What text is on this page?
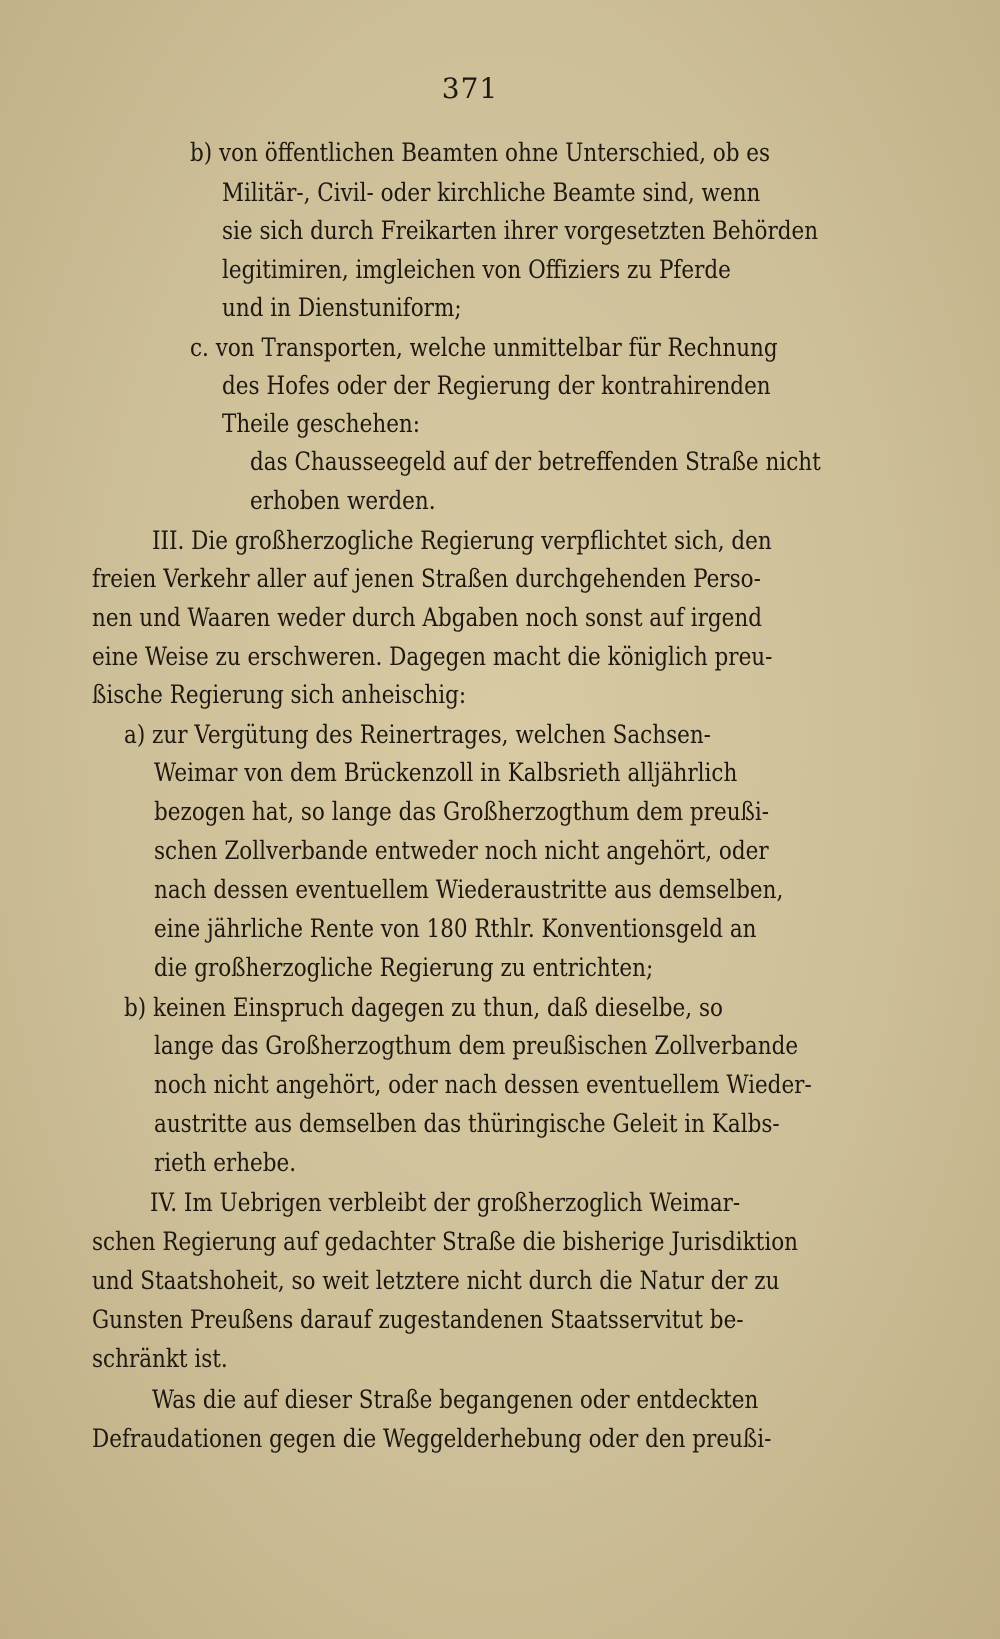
371
b) von öffentlichen Beamten ohne Unterschied, ob es
Militär-, Civil- oder kirchliche Beamte sind, wenn
sie sich durch Freikarten ihrer vorgesetzten Behörden
legitimiren, imgleichen von Offiziers zu Pferde
und in Dienstuniform;
c. von Transporten, welche unmittelbar für Rechnung
des Hofes oder der Regierung der kontrahirenden
Theile geschehen:
das Chausseegeld auf der betreffenden Straße nicht
erhoben werden.
III. Die großherzogliche Regierung verpflichtet sich, den
freien Verkehr aller auf jenen Straßen durchgehenden Perso-
nen und Waaren weder durch Abgaben noch sonst auf irgend
eine Weise zu erschweren. Dagegen macht die königlich preu-
ßische Regierung sich anheischig:
a) zur Vergütung des Reinertrages, welchen Sachsen-
Weimar von dem Brückenzoll in Kalbsrieth alljährlich
bezogen hat, so lange das Großherzogthum dem preußi-
schen Zollverbande entweder noch nicht angehört, oder
nach dessen eventuellem Wiederaustritte aus demselben,
eine jährliche Rente von 180 Rthlr. Konventionsgeld an
die großherzogliche Regierung zu entrichten;
b) keinen Einspruch dagegen zu thun, daß dieselbe, so
lange das Großherzogthum dem preußischen Zollverbande
noch nicht angehört, oder nach dessen eventuellem Wieder-
austritte aus demselben das thüringische Geleit in Kalbs-
rieth erhebe.
IV. Im Uebrigen verbleibt der großherzoglich Weimar-
schen Regierung auf gedachter Straße die bisherige Jurisdiktion
und Staatshoheit, so weit letztere nicht durch die Natur der zu
Gunsten Preußens darauf zugestandenen Staatsservitut be-
schränkt ist.
Was die auf dieser Straße begangenen oder entdeckten
Defraudationen gegen die Weggelderhebung oder den preußi-
